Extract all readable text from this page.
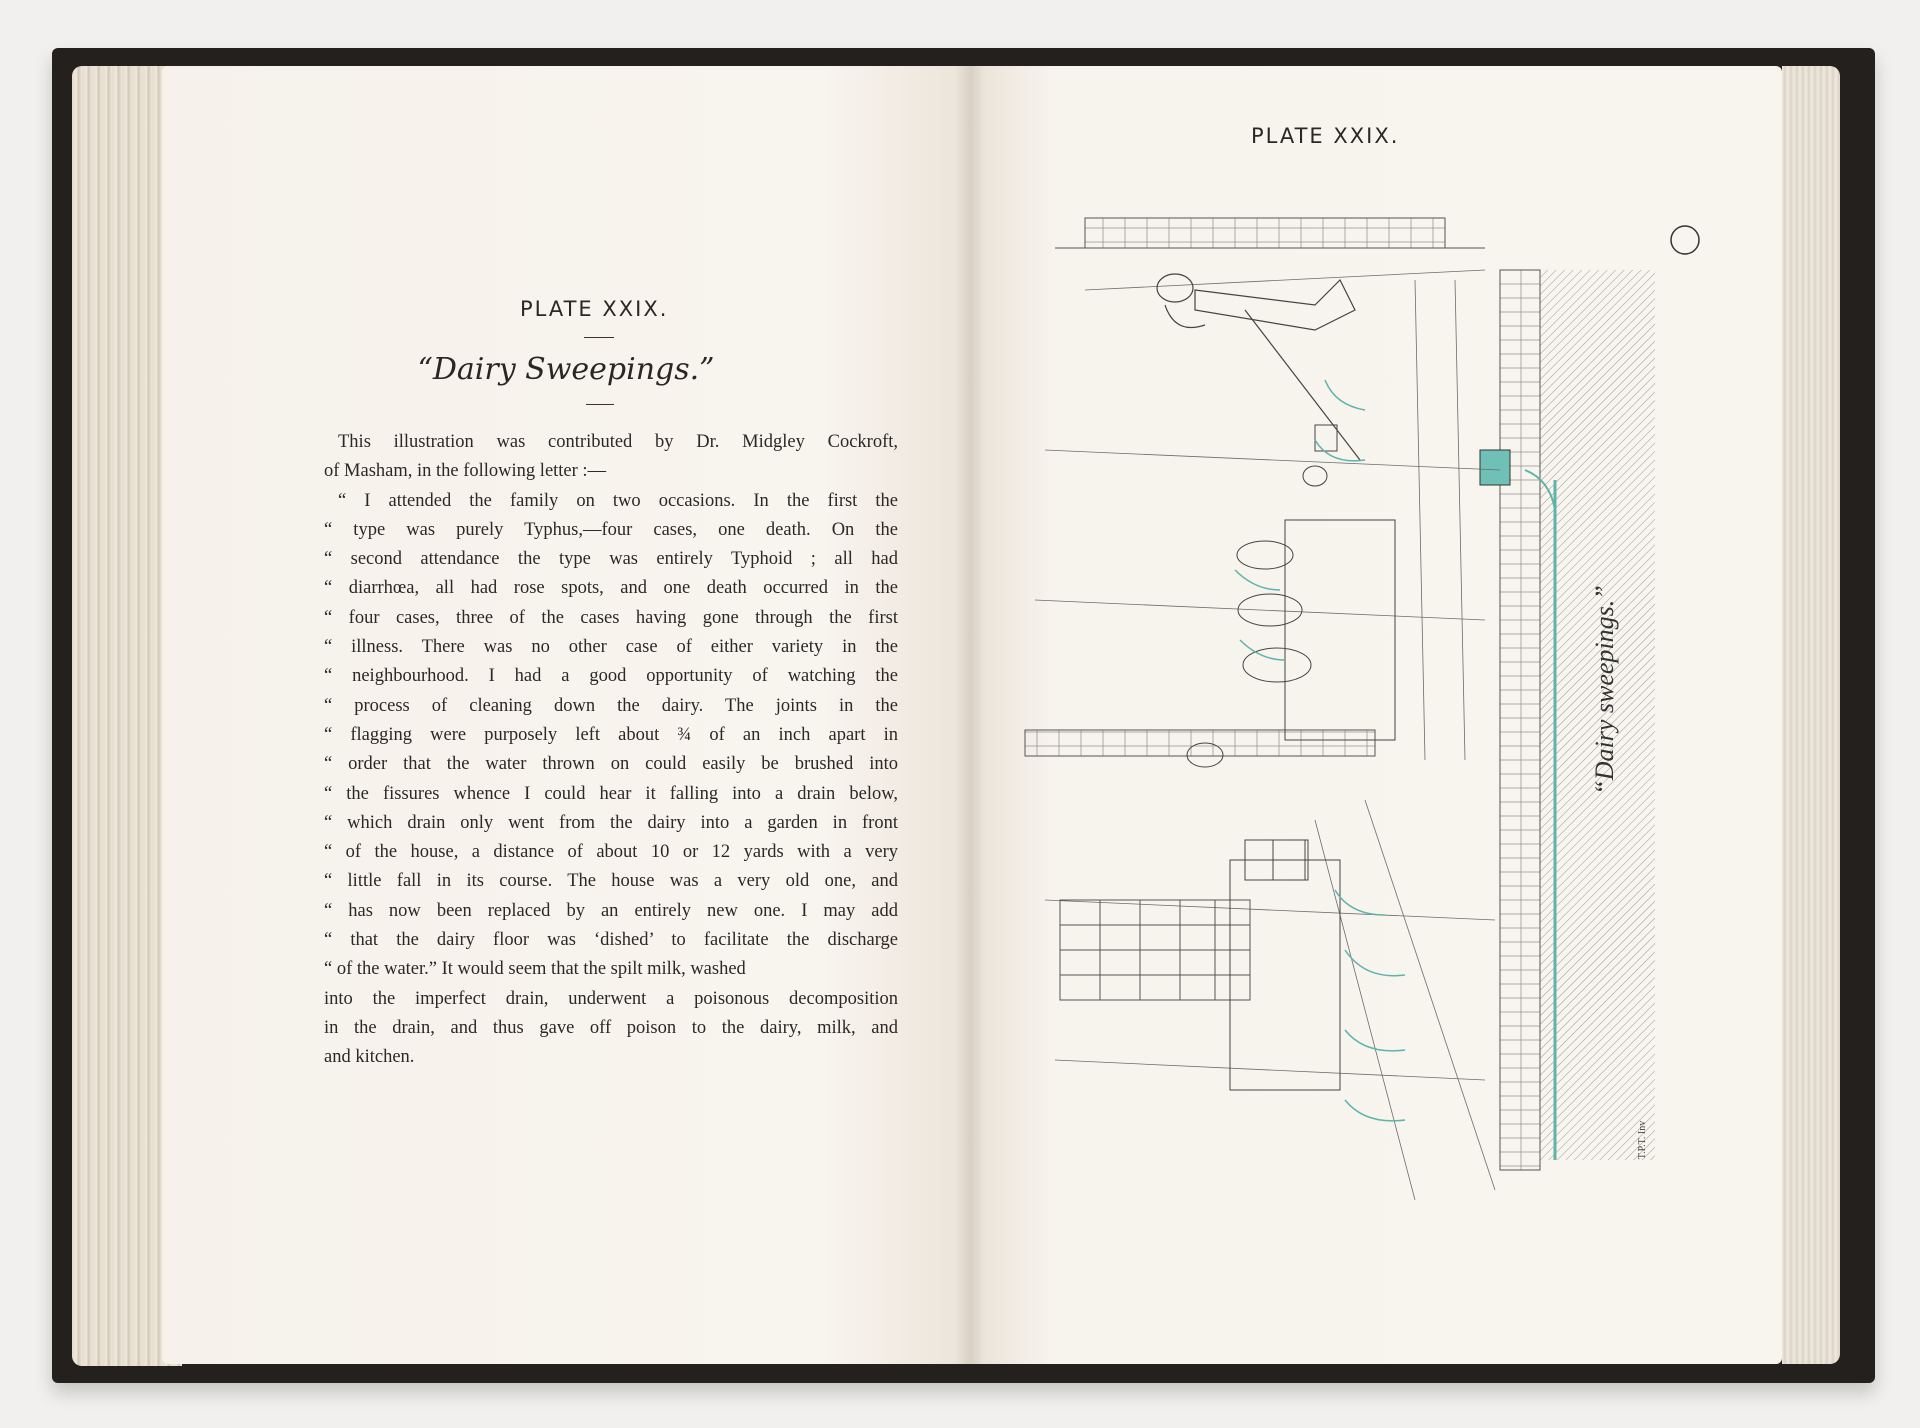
PLATE XXIX.
“Dairy Sweepings.”
This illustration was contributed by Dr. Midgley Cockroft,
of Masham, in the following letter :—
“ I attended the family on two occasions. In the first the
“ type was purely Typhus,—four cases, one death. On the
“ second attendance the type was entirely Typhoid ; all had
“ diarrhœa, all had rose spots, and one death occurred in the
“ four cases, three of the cases having gone through the first
“ illness. There was no other case of either variety in the
“ neighbourhood. I had a good opportunity of watching the
“ process of cleaning down the dairy. The joints in the
“ flagging were purposely left about ¾ of an inch apart in
“ order that the water thrown on could easily be brushed into
“ the fissures whence I could hear it falling into a drain below,
“ which drain only went from the dairy into a garden in front
“ of the house, a distance of about 10 or 12 yards with a very
“ little fall in its course. The house was a very old one, and
“ has now been replaced by an entirely new one. I may add
“ that the dairy floor was ‘dished’ to facilitate the discharge
“ of the water.” It would seem that the spilt milk, washed
into the imperfect drain, underwent a poisonous decomposition
in the drain, and thus gave off poison to the dairy, milk, and
and kitchen.
PLATE XXIX.
“Dairy sweepings.”
T.P.T. Inv
